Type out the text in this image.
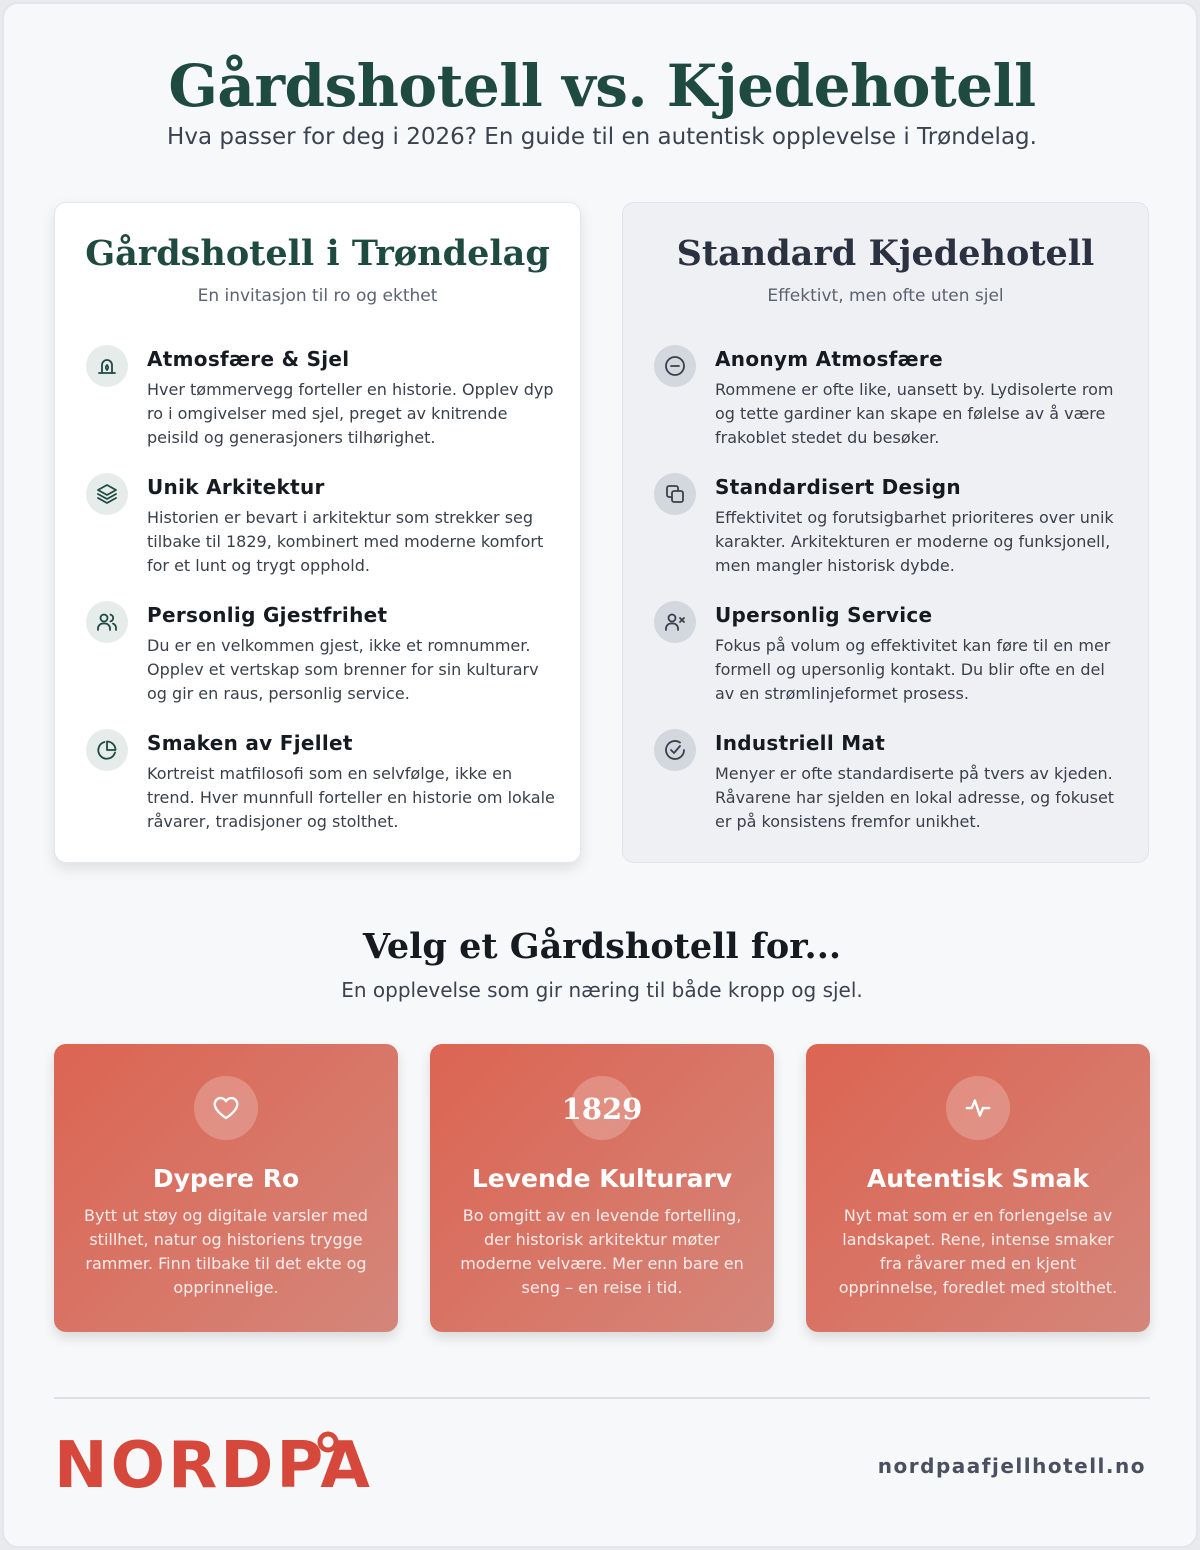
Gårdshotell vs. Kjedehotell
Hva passer for deg i 2026? En guide til en autentisk opplevelse i Trøndelag.
Gårdshotell i Trøndelag
En invitasjon til ro og ekthet
Atmosfære & Sjel

Hver tømmervegg forteller en historie. Opplev dyp ro i omgivelser med sjel, preget av knitrende peisild og generasjoners tilhørighet.

Unik Arkitektur

Historien er bevart i arkitektur som strekker seg tilbake til 1829, kombinert med moderne komfort for et lunt og trygt opphold.

Personlig Gjestfrihet

Du er en velkommen gjest, ikke et romnummer. Opplev et vertskap som brenner for sin kulturarv og gir en raus, personlig service.

Smaken av Fjellet

Kortreist matfilosofi som en selvfølge, ikke en trend. Hver munnfull forteller en historie om lokale råvarer, tradisjoner og stolthet.

Standard Kjedehotell
Effektivt, men ofte uten sjel
Anonym Atmosfære

Rommene er ofte like, uansett by. Lydisolerte rom og tette gardiner kan skape en følelse av å være frakoblet stedet du besøker.

Standardisert Design

Effektivitet og forutsigbarhet prioriteres over unik karakter. Arkitekturen er moderne og funksjonell, men mangler historisk dybde.

Upersonlig Service

Fokus på volum og effektivitet kan føre til en mer formell og upersonlig kontakt. Du blir ofte en del av en strømlinjeformet prosess.

Industriell Mat

Menyer er ofte standardiserte på tvers av kjeden. Råvarene har sjelden en lokal adresse, og fokuset er på konsistens fremfor unikhet.

Velg et Gårdshotell for...
En opplevelse som gir næring til både kropp og sjel.
Dypere Ro

Bytt ut støy og digitale varsler med stillhet, natur og historiens trygge rammer. Finn tilbake til det ekte og opprinnelige.

1829
Levende Kulturarv

Bo omgitt av en levende fortelling, der historisk arkitektur møter moderne velvære. Mer enn bare en seng – en reise i tid.

Autentisk Smak

Nyt mat som er en forlengelse av landskapet. Rene, intense smaker fra råvarer med en kjent opprinnelse, foredlet med stolthet.

NORDPA	nordpaafjellhotell.no
